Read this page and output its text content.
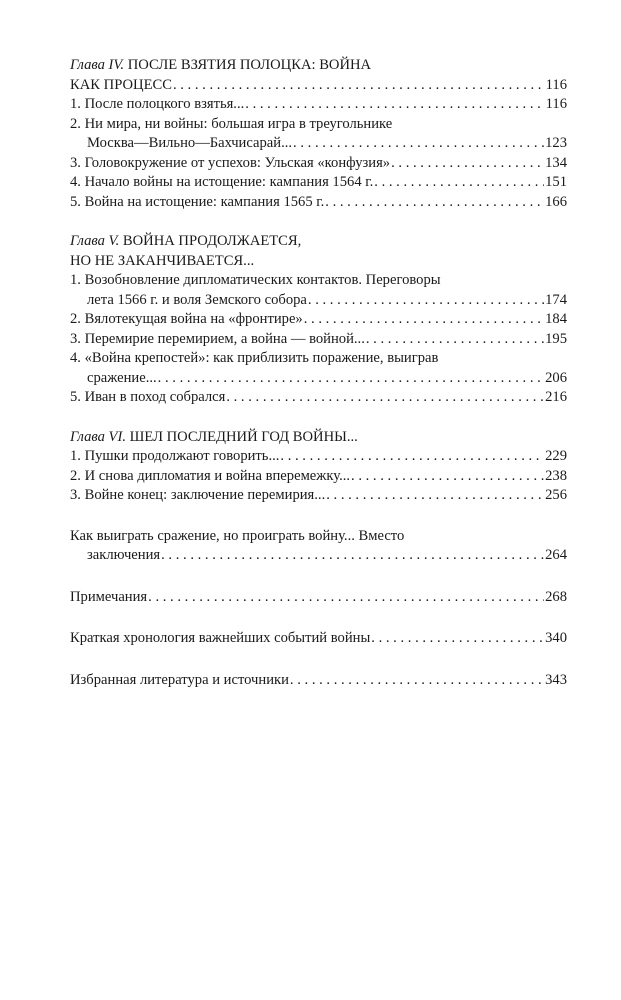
Глава IV. ПОСЛЕ ВЗЯТИЯ ПОЛОЦКА: ВОЙНА
КАК ПРОЦЕСС . . .	116
1. После полоцкого взятья... . . .	116
2. Ни мира, ни войны: большая игра в треугольнике
Москва—Вильно—Бахчисарай... . . .	123
3. Головокружение от успехов: Ульская «конфузия» . . .	134
4. Начало войны на истощение: кампания 1564 г. . . .	151
5. Война на истощение: кампания 1565 г. . . .	166
Глава V. ВОЙНА ПРОДОЛЖАЕТСЯ,
НО НЕ ЗАКАНЧИВАЕТСЯ...
1. Возобновление дипломатических контактов. Переговоры
лета 1566 г. и воля Земского собора . . .	174
2. Вялотекущая война на «фронтире» . . .	184
3. Перемирие перемирием, а война — войной... . . .	195
4. «Война крепостей»: как приблизить поражение, выиграв
сражение... . . .	206
5. Иван в поход собрался . . .	216
Глава VI. ШЕЛ ПОСЛЕДНИЙ ГОД ВОЙНЫ...
1. Пушки продолжают говорить... . . .	229
2. И снова дипломатия и война вперемежку... . . .	238
3. Войне конец: заключение перемирия... . . .	256
Как выиграть сражение, но проиграть войну... Вместо
заключения . . .	264
Примечания . . .	268
Краткая хронология важнейших событий войны . . .	340
Избранная литература и источники . . .	343
